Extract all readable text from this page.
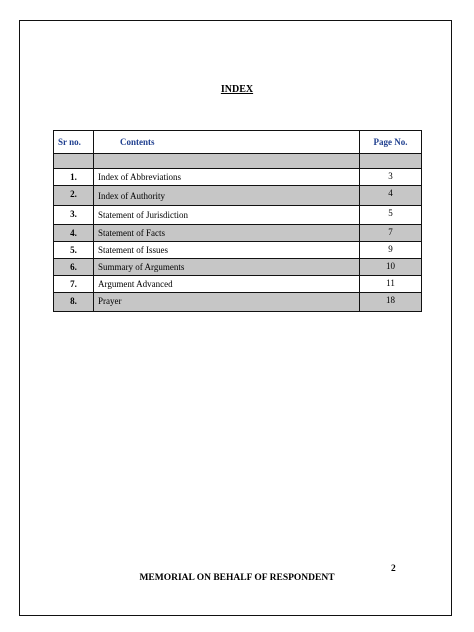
INDEX
Sr no.	Contents	Page No.

1.	Index of Abbreviations	3
2.	Index of Authority	4
3.	Statement of Jurisdiction	5
4.	Statement of Facts	7
5.	Statement of Issues	9
6.	Summary of Arguments	10
7.	Argument Advanced	11
8.	Prayer	18
2
MEMORIAL ON BEHALF OF RESPONDENT
